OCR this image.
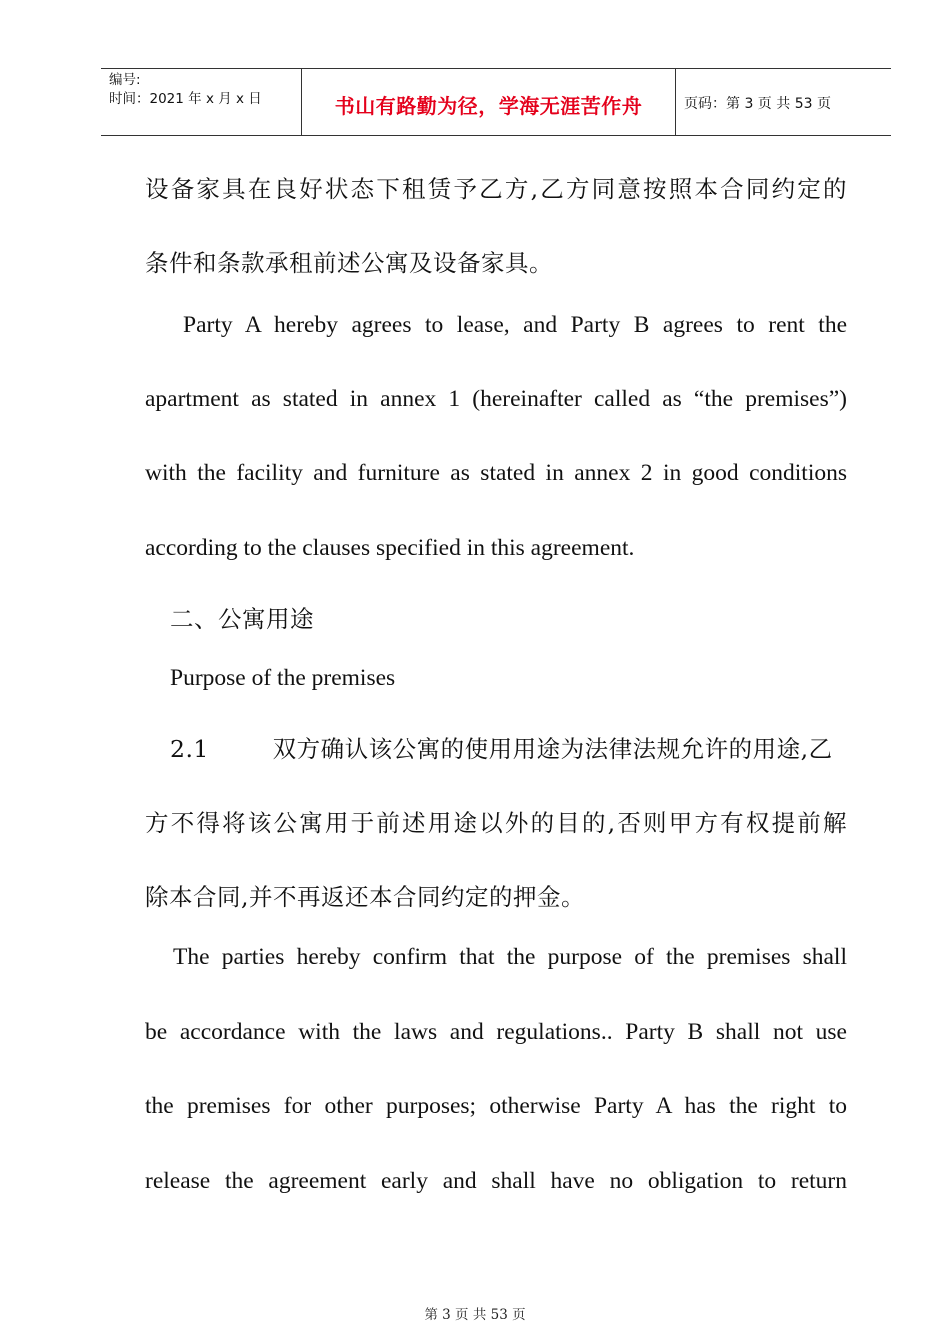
编号:
时间：2021 年 x 月 x 日	书山有路勤为径，学海无涯苦作舟	页码：第 3 页 共 53 页
设备家具在良好状态下租赁予乙方,乙方同意按照本合同约定的
条件和条款承租前述公寓及设备家具。
Party A hereby agrees to lease, and Party B agrees to rent the
apartment as stated in annex 1 (hereinafter called as “the premises”)
with the facility and furniture as stated in annex 2 in good conditions
according to the clauses specified in this agreement.
二、公寓用途
Purpose of the premises
2.1        双方确认该公寓的使用用途为法律法规允许的用途,乙
方不得将该公寓用于前述用途以外的目的,否则甲方有权提前解
除本合同,并不再返还本合同约定的押金。
The parties hereby confirm that the purpose of the premises shall
be accordance with the laws and regulations.. Party B shall not use
the premises for other purposes; otherwise Party A has the right to
release the agreement early and shall have no obligation to return
第 3 页 共 53 页
